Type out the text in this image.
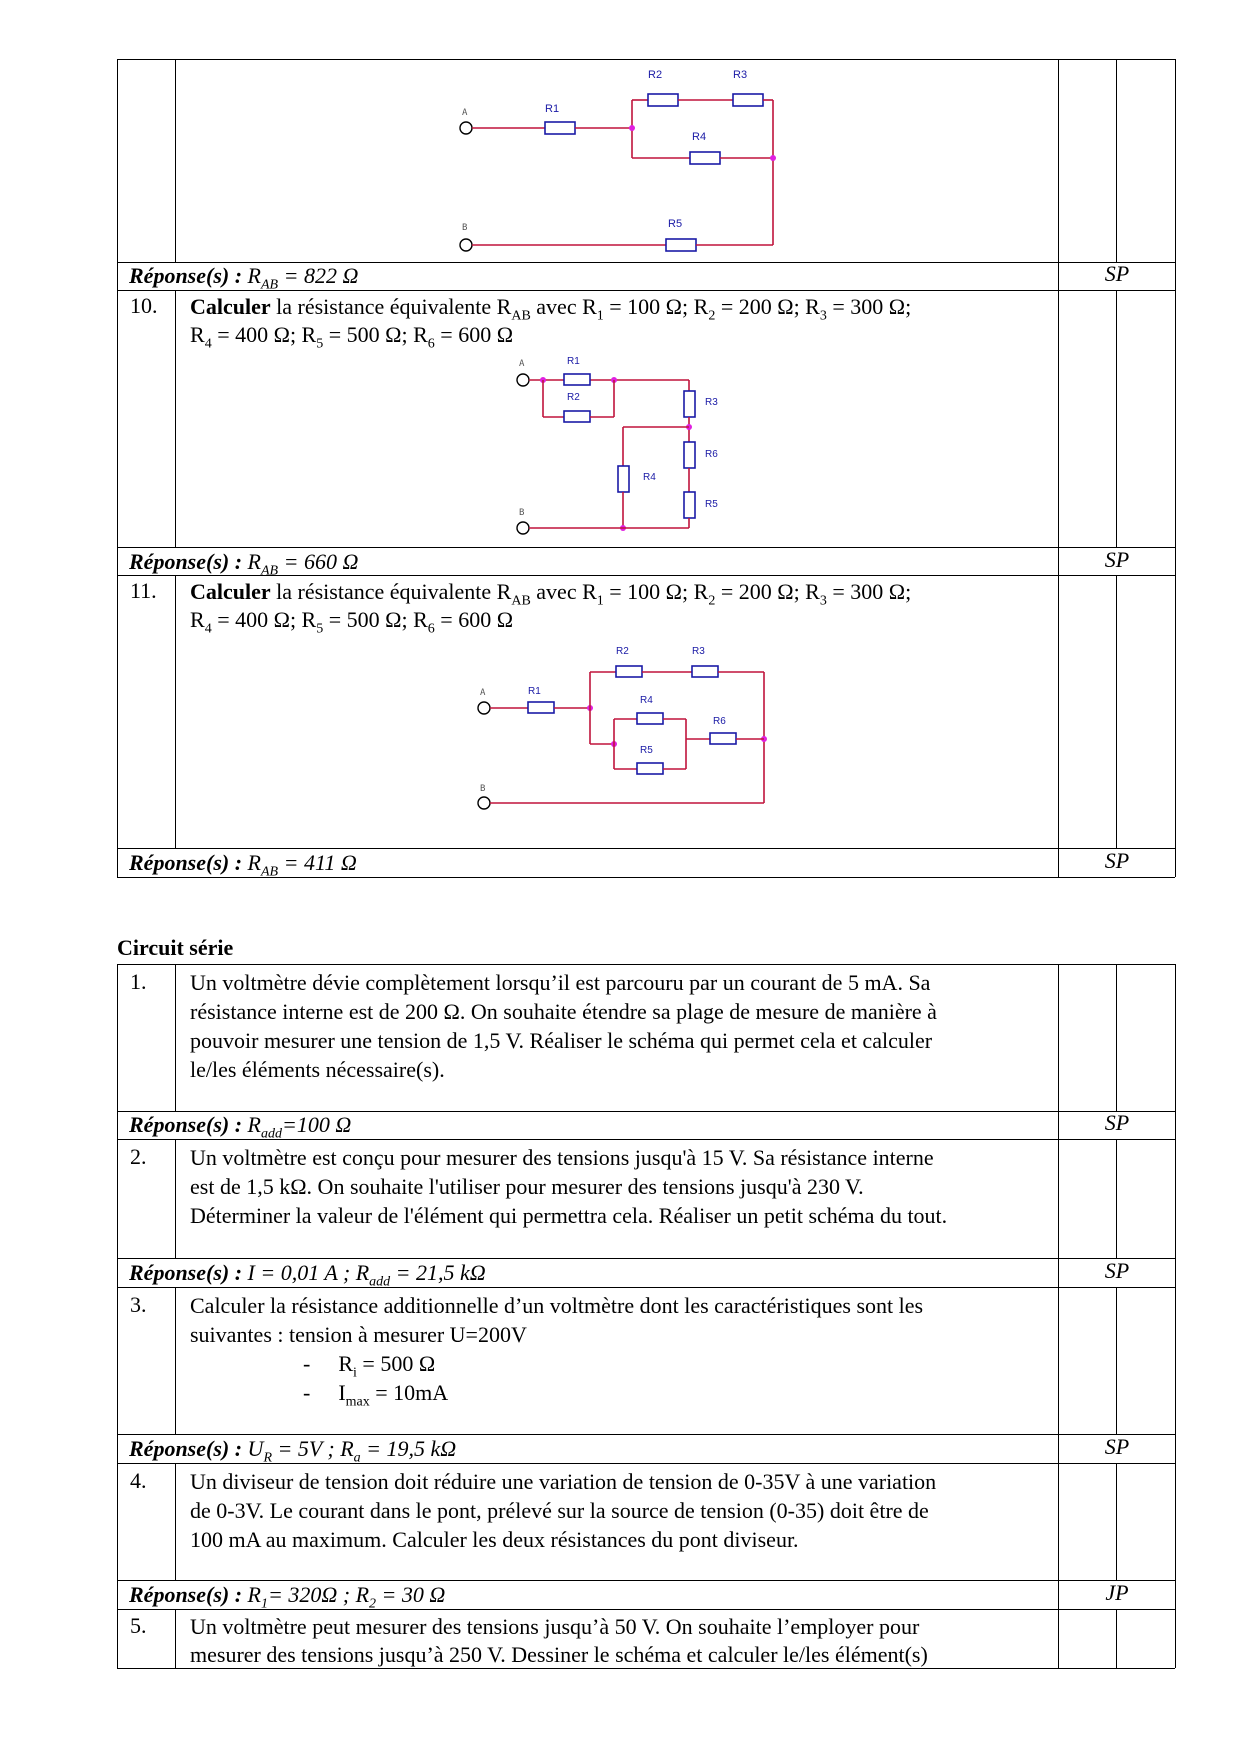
A	R1
R2	R3
R4
B	R5
Réponse(s) : $R_{AB} = 822$ Ω	SP
10. Calculer la résistance équivalente $R_{AB}$ avec $R_1 = 100$ Ω; $R_2 = 200$ Ω; $R_3 = 300$ Ω;
$R_4 = 400$ Ω; $R_5 = 500$ Ω; $R_6 = 600$ Ω
A	R1
R2	R3
R6
R5
R4
B
Réponse(s) : $R_{AB} = 660$ Ω	SP
11. Calculer la résistance équivalente $R_{AB}$ avec $R_1 = 100$ Ω; $R_2 = 200$ Ω; $R_3 = 300$ Ω;
$R_4 = 400$ Ω; $R_5 = 500$ Ω; $R_6 = 600$ Ω
A	R1
R2	R3
R4
R5
R6
B
Réponse(s) : $R_{AB} = 411$ Ω	SP
Circuit série
1. Un voltmètre dévie complètement lorsqu’il est parcouru par un courant de 5 mA. Sa
résistance interne est de 200 Ω. On souhaite étendre sa plage de mesure de manière à
pouvoir mesurer une tension de 1,5 V. Réaliser le schéma qui permet cela et calculer
le/les éléments nécessaire(s).
Réponse(s) : $R_{add}=100$ Ω	SP
2. Un voltmètre est conçu pour mesurer des tensions jusqu'à 15 V. Sa résistance interne
est de 1,5 kΩ. On souhaite l'utiliser pour mesurer des tensions jusqu'à 230 V.
Déterminer la valeur de l'élément qui permettra cela. Réaliser un petit schéma du tout.
Réponse(s) : I = 0,01 A ; $R_{add} = 21,5$ kΩ	SP
3. Calculer la résistance additionnelle d’un voltmètre dont les caractéristiques sont les
suivantes : tension à mesurer U=200V
- $R_i = 500$ Ω
- $I_{max} = 10mA$
Réponse(s) : $U_R = 5V$ ; $R_a = 19,5$ kΩ	SP
4. Un diviseur de tension doit réduire une variation de tension de 0-35V à une variation
de 0-3V. Le courant dans le pont, prélevé sur la source de tension (0-35) doit être de
100 mA au maximum. Calculer les deux résistances du pont diviseur.
Réponse(s) : $R_1= 320\Omega$ ; $R_2 = 30$ Ω	JP
5. Un voltmètre peut mesurer des tensions jusqu’à 50 V. On souhaite l’employer pour
mesurer des tensions jusqu’à 250 V. Dessiner le schéma et calculer le/les élément(s)
